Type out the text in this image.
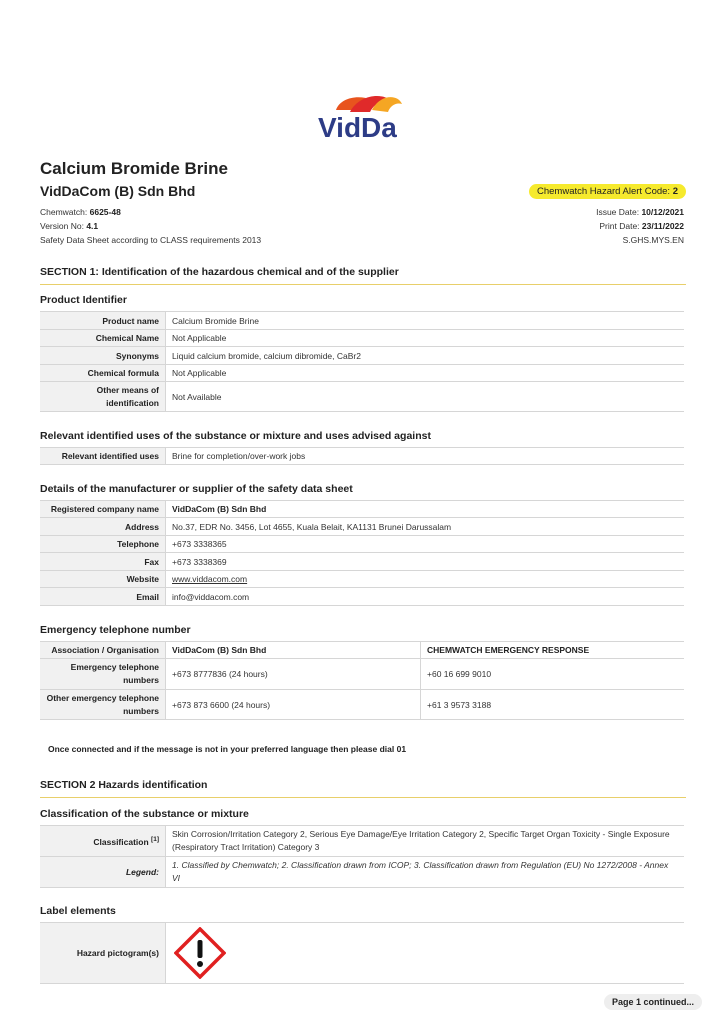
VidDa
Calcium Bromide Brine
VidDaCom (B) Sdn Bhd	Chemwatch Hazard Alert Code: 2
Chemwatch: 6625-48
Version No: 4.1
Safety Data Sheet according to CLASS requirements 2013
Issue Date: 10/12/2021
Print Date: 23/11/2022
S.GHS.MYS.EN
SECTION 1: Identification of the hazardous chemical and of the supplier
Product Identifier
Product name	Calcium Bromide Brine
Chemical Name	Not Applicable
Synonyms	Liquid calcium bromide, calcium dibromide, CaBr2
Chemical formula	Not Applicable
Other means of identification	Not Available
Relevant identified uses of the substance or mixture and uses advised against
Relevant identified uses	Brine for completion/over-work jobs
Details of the manufacturer or supplier of the safety data sheet
Registered company name	VidDaCom (B) Sdn Bhd
Address	No.37, EDR No. 3456, Lot 4655, Kuala Belait, KA1131 Brunei Darussalam
Telephone	+673 3338365
Fax	+673 3338369
Website	www.viddacom.com
Email	info@viddacom.com
Emergency telephone number
Association / Organisation	VidDaCom (B) Sdn Bhd	CHEMWATCH EMERGENCY RESPONSE
Emergency telephone numbers	+673 8777836 (24 hours)	+60 16 699 9010
Other emergency telephone numbers	+673 873 6600 (24 hours)	+61 3 9573 3188
Once connected and if the message is not in your preferred language then please dial 01
SECTION 2 Hazards identification
Classification of the substance or mixture
Classification [1]	Skin Corrosion/Irritation Category 2, Serious Eye Damage/Eye Irritation Category 2, Specific Target Organ Toxicity - Single Exposure (Respiratory Tract Irritation) Category 3
Legend:	1. Classified by Chemwatch; 2. Classification drawn from ICOP; 3. Classification drawn from Regulation (EU) No 1272/2008 - Annex VI
Label elements
Hazard pictogram(s)	
Page 1 continued...
